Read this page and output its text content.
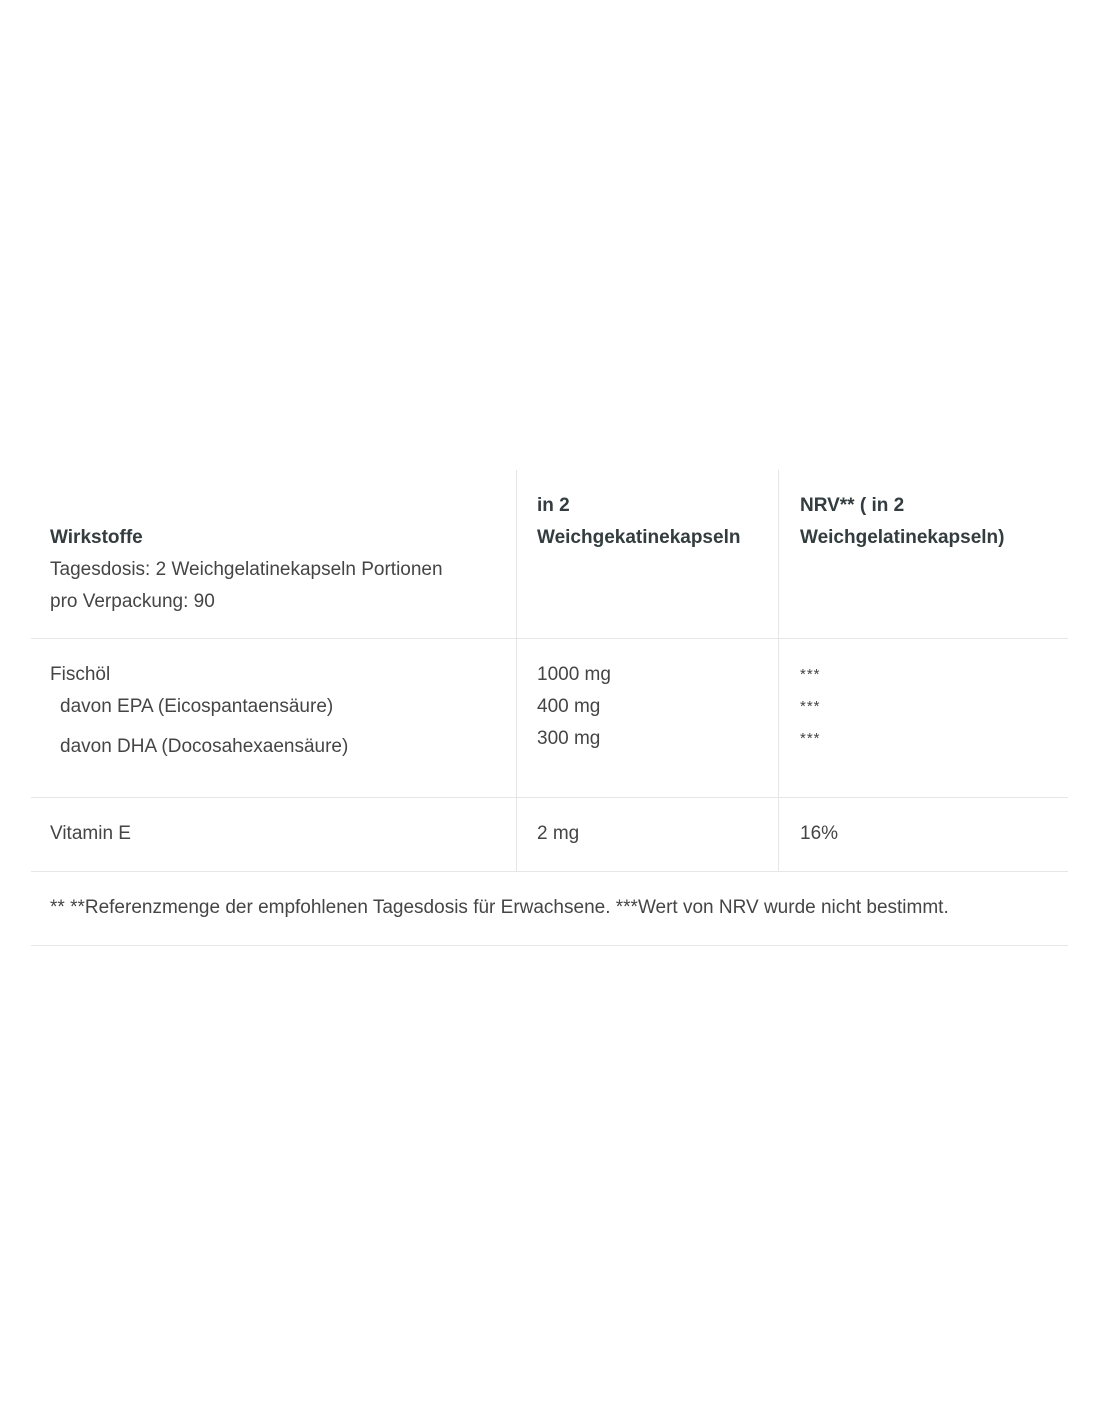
Wirkstoffe
Tagesdosis: 2 Weichgelatinekapseln Portionen
pro Verpackung: 90
in 2
Weichgekatinekapseln
NRV** ( in 2
Weichgelatinekapseln)
Fischöl
davon EPA (Eicospantaensäure)
davon DHA (Docosahexaensäure)
1000 mg
400 mg
300 mg
***
***
***
Vitamin E	2 mg	16%
** **Referenzmenge der empfohlenen Tagesdosis für Erwachsene. ***Wert von NRV wurde nicht bestimmt.
